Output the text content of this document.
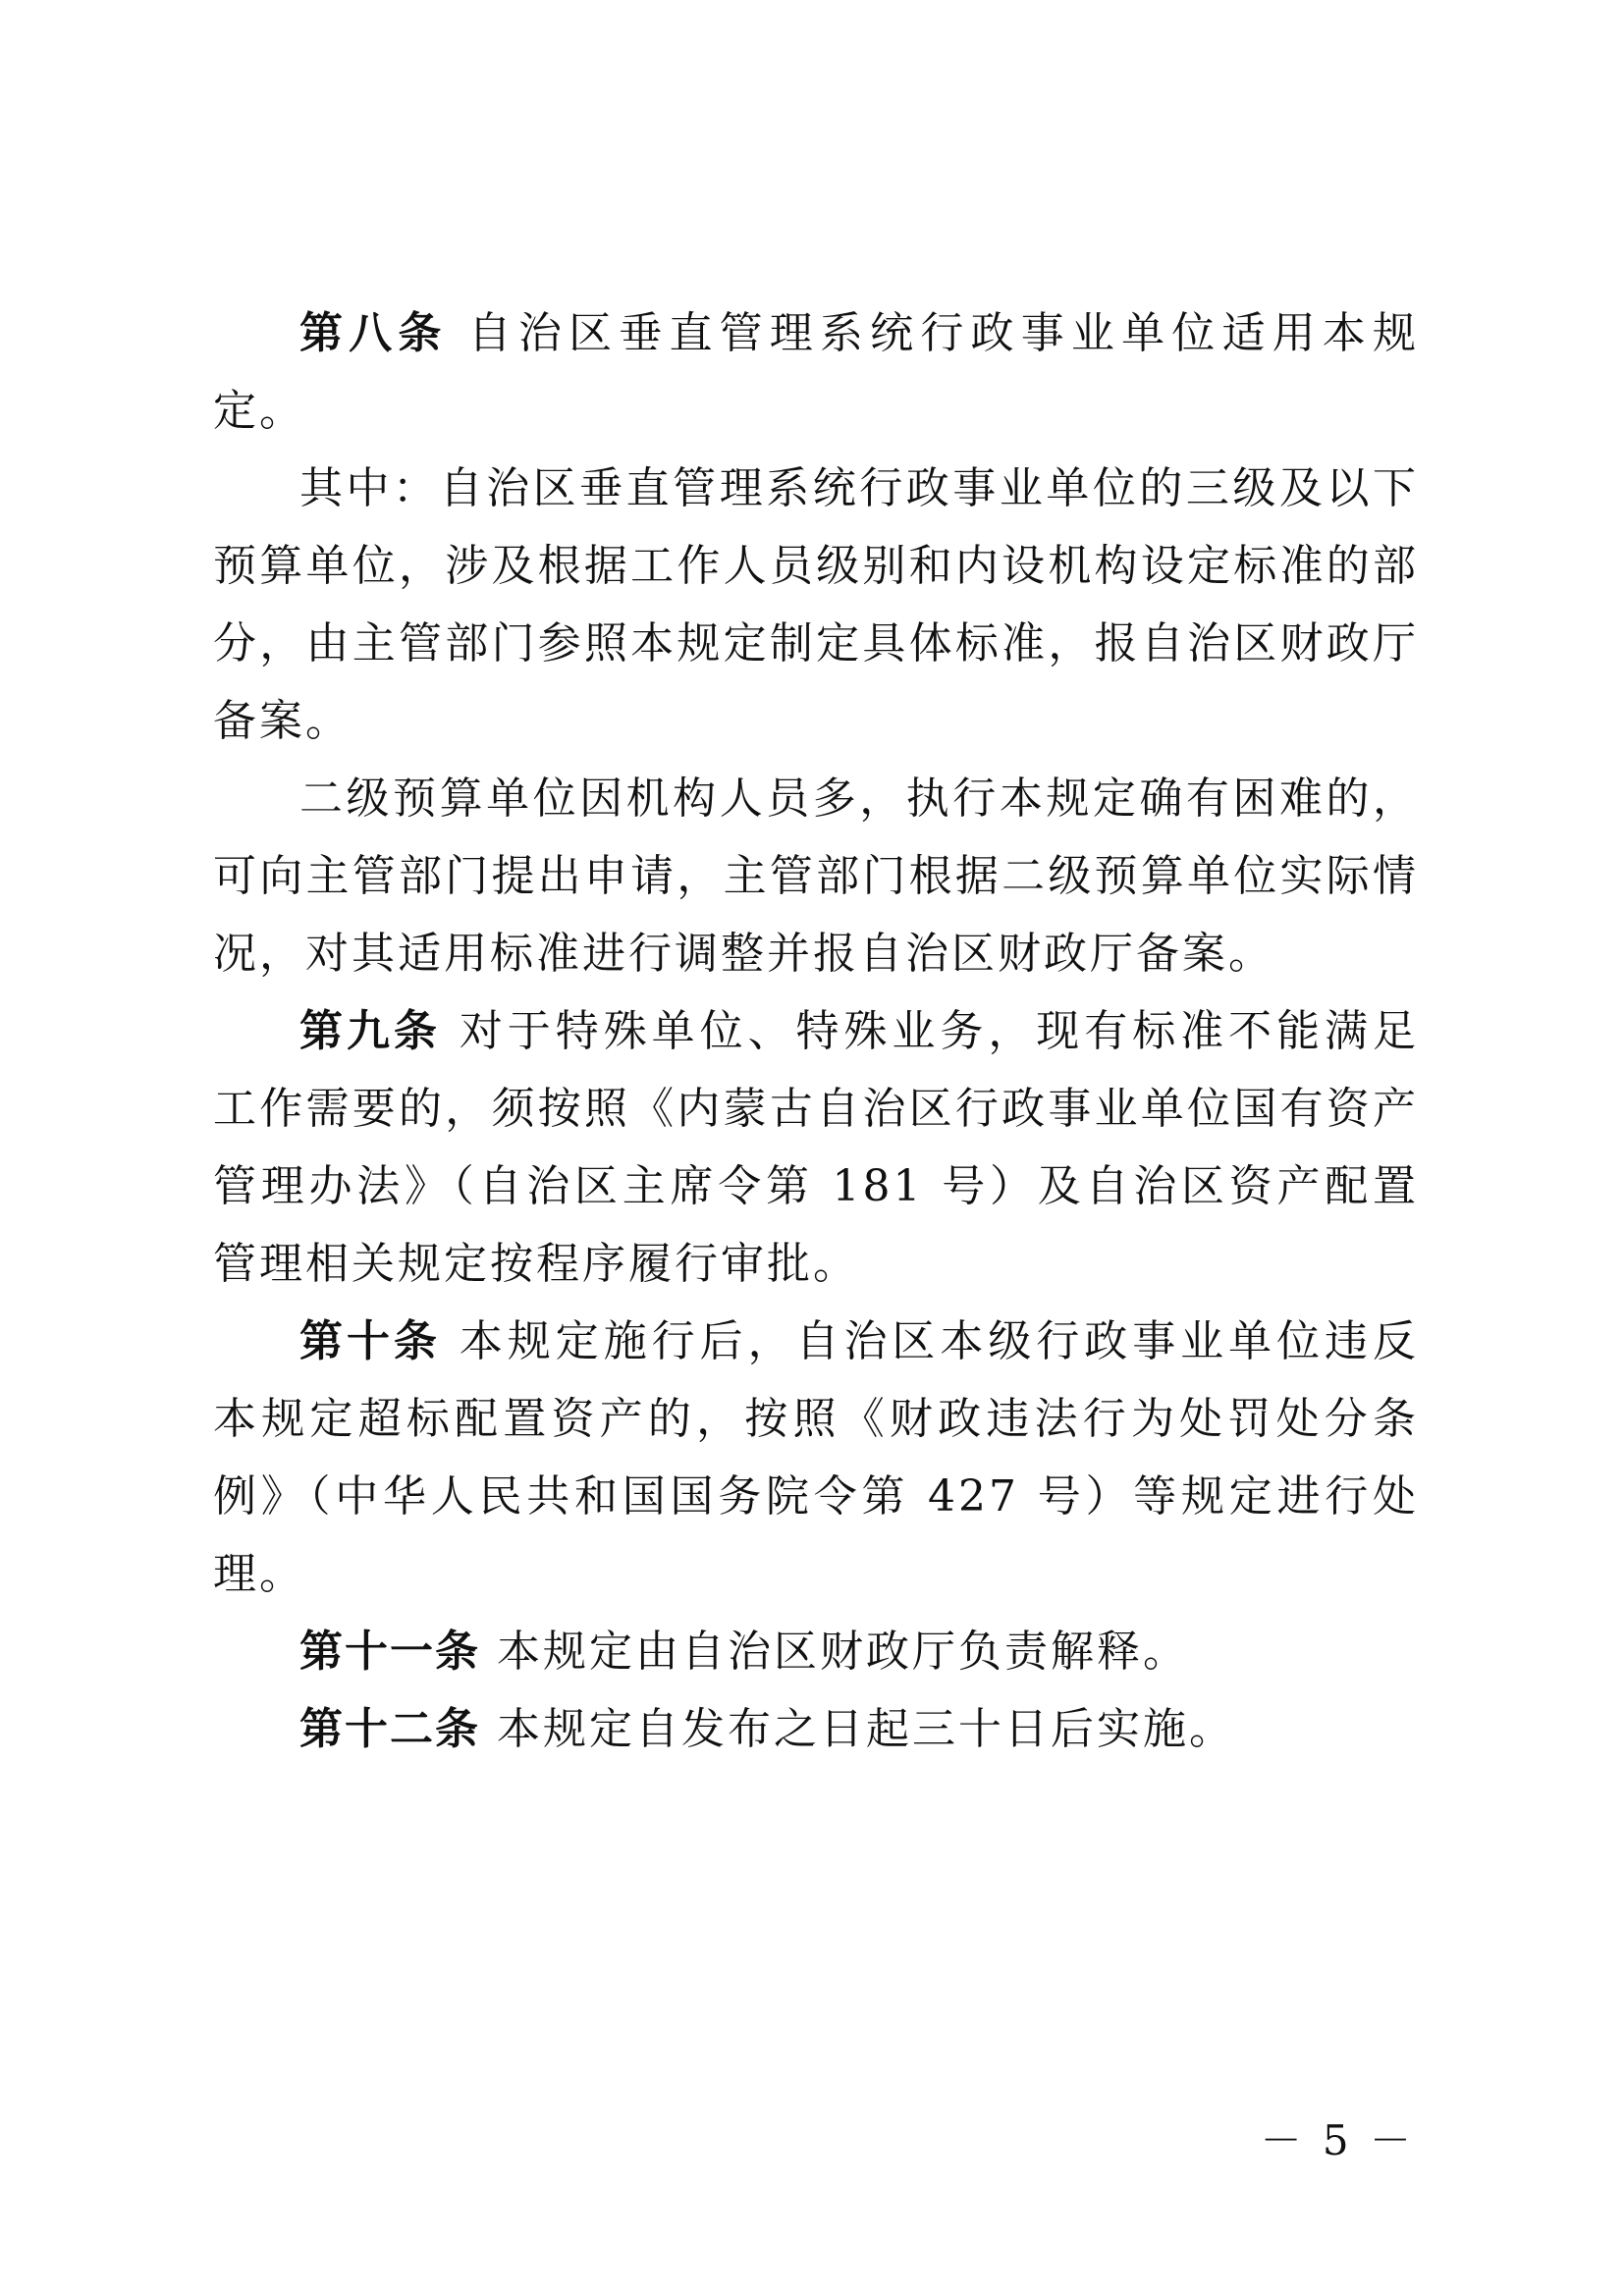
第八条 自治区垂直管理系统行政事业单位适用本规定。

其中：自治区垂直管理系统行政事业单位的三级及以下预算单位，涉及根据工作人员级别和内设机构设定标准的部分，由主管部门参照本规定制定具体标准，报自治区财政厅备案。

二级预算单位因机构人员多，执行本规定确有困难的，可向主管部门提出申请，主管部门根据二级预算单位实际情况，对其适用标准进行调整并报自治区财政厅备案。

第九条 对于特殊单位、特殊业务，现有标准不能满足工作需要的，须按照《内蒙古自治区行政事业单位国有资产管理办法》（自治区主席令第 181 号）及自治区资产配置管理相关规定按程序履行审批。

第十条 本规定施行后，自治区本级行政事业单位违反本规定超标配置资产的，按照《财政违法行为处罚处分条例》（中华人民共和国国务院令第 427 号）等规定进行处理。

第十一条 本规定由自治区财政厅负责解释。

第十二条 本规定自发布之日起三十日后实施。

－ 5 －
